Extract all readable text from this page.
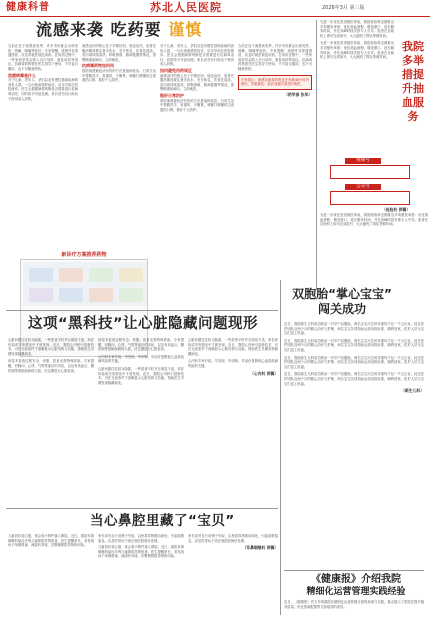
健康科普	苏北人民医院	2026年3月 第三版
流感来袭 吃药要 谨慎
当前正处于流感高发季，许多市民都会出现发热、咳嗽、咽痛等症状。专家提醒，流感并非普通感冒，应及时就医规范用药。在用药过程中，一些家庭常常会陷入自行用药、重复用药等误区。抗病毒药物需在医生指导下使用，不可盲目服用，也不可随意停药。
流感病毒是什么
对于儿童、老年人、孕妇以及有慢性基础疾病的高危人群，一旦出现流感样症状，应尽早前往医院就诊。医生会根据病情判断是否需要进行抗病毒治疗，同时给予对症处理。家长切勿自行给孩子使用成人药物。
流感治疗的核心在于早期识别、规范治疗。患者在服药期间要注意多饮水、充分休息，饮食宜清淡。若出现持续高热、呼吸困难、精神萎靡等情况，需警惕重症倾向，立即就医。
抗病毒药物如何用
预防流感最经济有效的方法是接种疫苗。日常生活中要勤洗手、常通风、少聚集，咳嗽打喷嚏时注意遮挡口鼻，做好个人防护。
对于儿童、老年人、孕妇以及有慢性基础疾病的高危人群，一旦出现流感样症状，应尽早前往医院就诊。医生会根据病情判断是否需要进行抗病毒治疗，同时给予对症处理。家长切勿自行给孩子使用成人药物。
如何避免用药误区
流感治疗的核心在于早期识别、规范治疗。患者在服药期间要注意多饮水、充分休息，饮食宜清淡。若出现持续高热、呼吸困难、精神萎靡等情况，需警惕重症倾向，立即就医。
做好日常防护
预防流感最经济有效的方法是接种疫苗。日常生活中要勤洗手、常通风、少聚集，咳嗽打喷嚏时注意遮挡口鼻，做好个人防护。
当前正处于流感高发季，许多市民都会出现发热、咳嗽、咽痛等症状。专家提醒，流感并非普通感冒，应及时就医规范用药。在用药过程中，一些家庭常常会陷入自行用药、重复用药等误区。抗病毒药物需在医生指导下使用，不可盲目服用，也不可随意停药。
专家提示：流感抗病毒药物宜在发病48小时内使用，效果最佳；症状加重时请及时就医。
（药学部 张华）
新诊疗方案推荐药物
为进一步优化患者就医体验，我院检验科近期推出多项便民举措：优化抽血流程、增设窗口、延长服务时间，并在高峰时段安排专人引导。患者在自助机上即可完成取号，大大缩短了排队等候时间。
为进一步优化患者就医体验，我院检验科近期推出多项便民举措：优化抽血流程、增设窗口、延长服务时间，并在高峰时段安排专人引导。患者在自助机上即可完成取号，大大缩短了排队等候时间。
我院多举措提升抽血服务
视频号
公众号
（检验科 供稿）
为进一步优化患者就医体验，我院检验科近期推出多项便民举措：优化抽血流程、增设窗口、延长服务时间，并在高峰时段安排专人引导。患者在自助机上即可完成取号，大大缩短了排队等候时间。
这项“黑科技”让心脏隐藏问题现形
心脏问题往往较为隐匿，一些患者平时并无明显不适，却在体检或突发情况中才被发现。近日，我院心内科引进新技术，可在无创条件下清晰显示心脏结构与功能，帮助医生早期发现隐藏病变。
该技术检查过程安全、快捷，患者无需特殊准备。专家提醒，有胸闷、心悸、气短等症状的市民，以及有高血压、糖尿病等基础疾病的人群，应定期进行心脏检查。
该技术检查过程安全、快捷，患者无需特殊准备。专家提醒，有胸闷、心悸、气短等症状的市民，以及有高血压、糖尿病等基础疾病的人群，应定期进行心脏检查。
心内科专家介绍，早发现、早诊断、早治疗是降低心血管疾病风险的关键。
心脏问题往往较为隐匿，一些患者平时并无明显不适，却在体检或突发情况中才被发现。近日，我院心内科引进新技术，可在无创条件下清晰显示心脏结构与功能，帮助医生早期发现隐藏病变。
心脏问题往往较为隐匿，一些患者平时并无明显不适，却在体检或突发情况中才被发现。近日，我院心内科引进新技术，可在无创条件下清晰显示心脏结构与功能，帮助医生早期发现隐藏病变。
心内科专家介绍，早发现、早诊断、早治疗是降低心血管疾病风险的关键。
（心内科 供稿）
当心鼻腔里藏了“宝贝”
儿童因好奇心强，常会将小物件塞入鼻腔。近日，我院耳鼻咽喉科接诊多例儿童鼻腔异物患者。医生提醒家长，若发现孩子单侧鼻塞、流涕有异味，应警惕鼻腔异物的可能。
家长切勿自行用镊子夹取，以免将异物推向深处，引起误吸窒息。应及时带孩子到正规医院就诊处理。
儿童因好奇心强，常会将小物件塞入鼻腔。近日，我院耳鼻咽喉科接诊多例儿童鼻腔异物患者。医生提醒家长，若发现孩子单侧鼻塞、流涕有异味，应警惕鼻腔异物的可能。
家长切勿自行用镊子夹取，以免将异物推向深处，引起误吸窒息。应及时带孩子到正规医院就诊处理。
（耳鼻咽喉科 供稿）
双胞胎“掌心宝宝”
闯关成功
近日，我院新生儿科成功救治一对早产双胞胎，两名宝宝出生时体重均不足一千五百克。经过医护团队近两个月的精心治疗与护理，两名宝宝各项指标达到出院标准，顺利回家。医护人员为宝宝们送上祝福。
近日，我院新生儿科成功救治一对早产双胞胎，两名宝宝出生时体重均不足一千五百克。经过医护团队近两个月的精心治疗与护理，两名宝宝各项指标达到出院标准，顺利回家。医护人员为宝宝们送上祝福。
近日，我院新生儿科成功救治一对早产双胞胎，两名宝宝出生时体重均不足一千五百克。经过医护团队近两个月的精心治疗与护理，两名宝宝各项指标达到出院标准，顺利回家。医护人员为宝宝们送上祝福。
近日，我院新生儿科成功救治一对早产双胞胎，两名宝宝出生时体重均不足一千五百克。经过医护团队近两个月的精心治疗与护理，两名宝宝各项指标达到出院标准，顺利回家。医护人员为宝宝们送上祝福。
（新生儿科）
《健康报》介绍我院
精细化运营管理实践经验
近日，《健康报》刊文介绍我院在精细化运营管理方面的探索与实践，重点展示了医院在提升服务质量、优化资源配置等方面取得的成效。
